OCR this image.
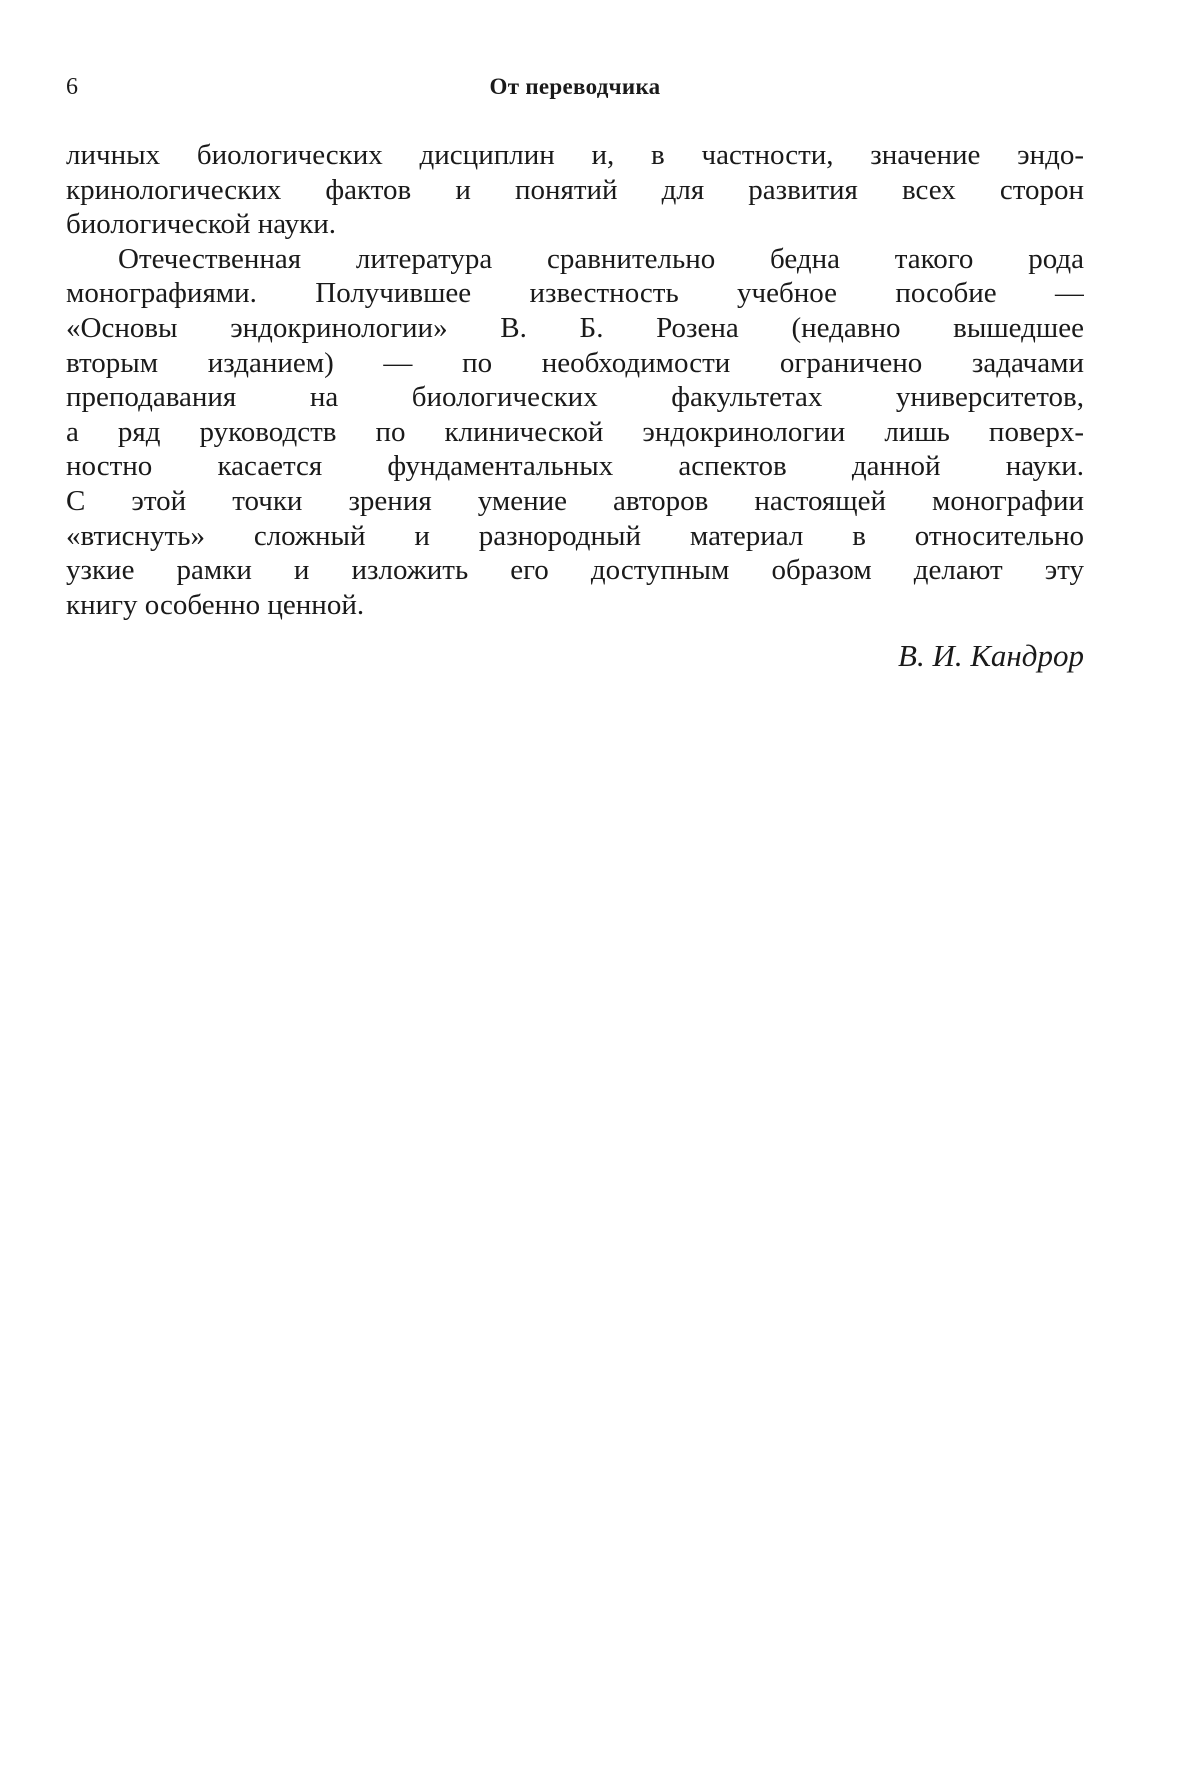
6	От переводчика
личных биологических дисциплин и, в частности, значение эндо-
кринологических фактов и понятий для развития всех сторон
биологической науки.
Отечественная литература сравнительно бедна такого рода
монографиями. Получившее известность учебное пособие —
«Основы эндокринологии» В. Б. Розена (недавно вышедшее
вторым изданием) — по необходимости ограничено задачами
преподавания на биологических факультетах университетов,
а ряд руководств по клинической эндокринологии лишь поверх-
ностно касается фундаментальных аспектов данной науки.
С этой точки зрения умение авторов настоящей монографии
«втиснуть» сложный и разнородный материал в относительно
узкие рамки и изложить его доступным образом делают эту
книгу особенно ценной.
В. И. Кандрор
